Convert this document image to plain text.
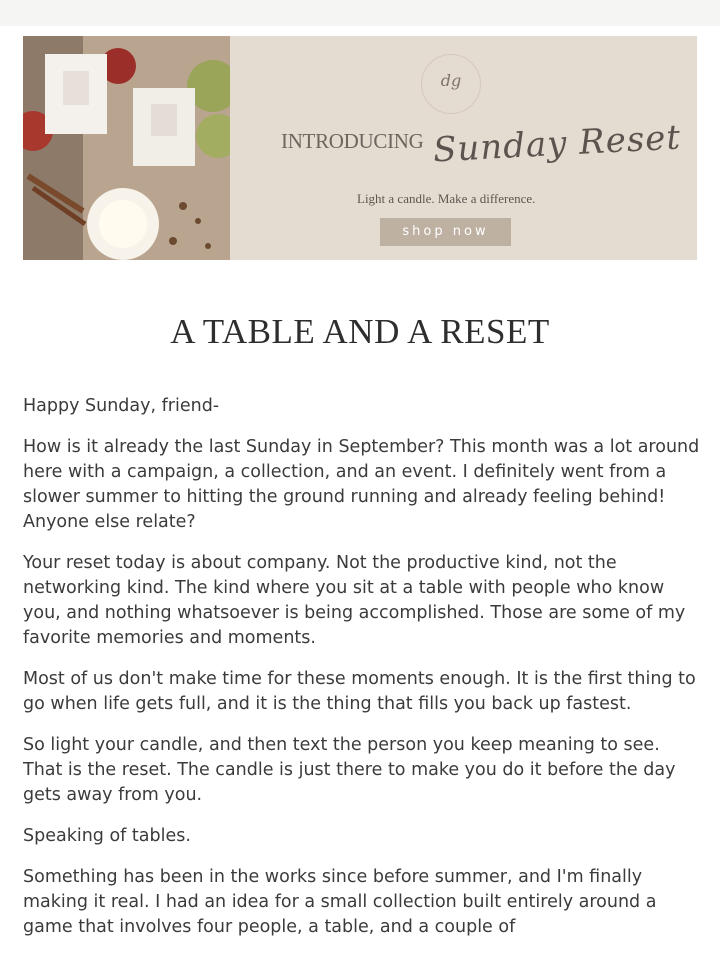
dg
INTRODUCING Sunday Reset
Light a candle. Make a difference.
shop now
A TABLE AND A RESET

Happy Sunday, friend-

How is it already the last Sunday in September? This month was a lot around here with a campaign, a collection, and an event. I definitely went from a slower summer to hitting the ground running and already feeling behind! Anyone else relate?

Your reset today is about company. Not the productive kind, not the networking kind. The kind where you sit at a table with people who know you, and nothing whatsoever is being accomplished. Those are some of my favorite memories and moments.

Most of us don't make time for these moments enough. It is the first thing to go when life gets full, and it is the thing that fills you back up fastest.

So light your candle, and then text the person you keep meaning to see. That is the reset. The candle is just there to make you do it before the day gets away from you.

Speaking of tables.

Something has been in the works since before summer, and I'm finally making it real. I had an idea for a small collection built entirely around a game that involves four people, a table, and a couple of
